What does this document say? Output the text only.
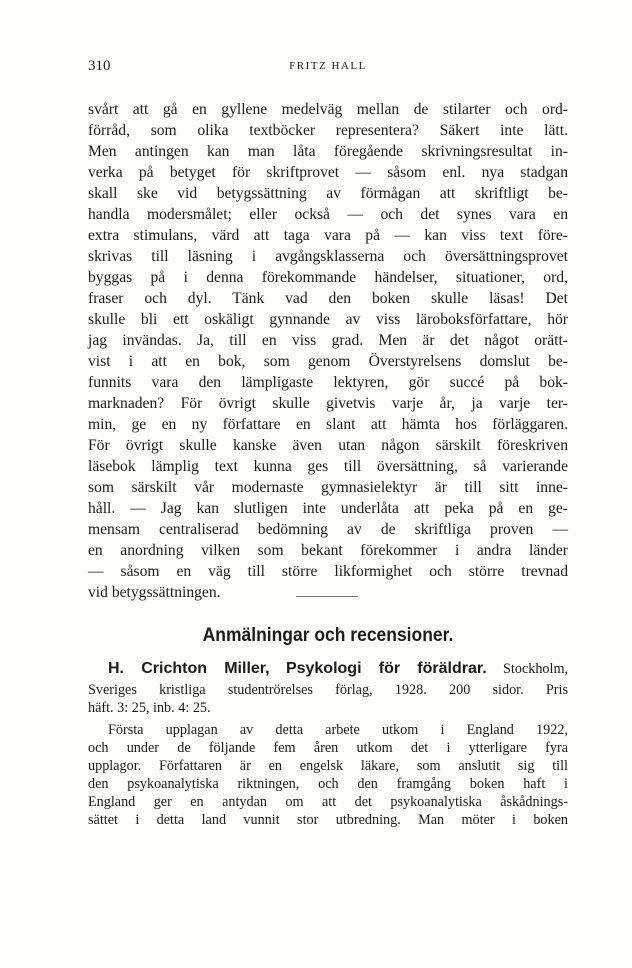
310	FRITZ HALL
svårt att gå en gyllene medelväg mellan de stilarter och ord-
förråd, som olika textböcker representera? Säkert inte lätt.
Men antingen kan man låta föregående skrivningsresultat in-
verka på betyget för skriftprovet — såsom enl. nya stadgan
skall ske vid betygssättning av förmågan att skriftligt be-
handla modersmålet; eller också — och det synes vara en
extra stimulans, värd att taga vara på — kan viss text före-
skrivas till läsning i avgångsklasserna och översättningsprovet
byggas på i denna förekommande händelser, situationer, ord,
fraser och dyl. Tänk vad den boken skulle läsas! Det
skulle bli ett oskäligt gynnande av viss läroboksförfattare, hör
jag invändas. Ja, till en viss grad. Men är det något orätt-
vist i att en bok, som genom Överstyrelsens domslut be-
funnits vara den lämpligaste lektyren, gör succé på bok-
marknaden? För övrigt skulle givetvis varje år, ja varje ter-
min, ge en ny författare en slant att hämta hos förläggaren.
För övrigt skulle kanske även utan någon särskilt föreskriven
läsebok lämplig text kunna ges till översättning, så varierande
som särskilt vår modernaste gymnasielektyr är till sitt inne-
håll. — Jag kan slutligen inte underlåta att peka på en ge-
mensam centraliserad bedömning av de skriftliga proven —
en anordning vilken som bekant förekommer i andra länder
— såsom en väg till större likformighet och större trevnad
vid betygssättningen.
Anmälningar och recensioner.
H. Crichton Miller, Psykologi för föräldrar. Stockholm,
Sveriges kristliga studentrörelses förlag, 1928. 200 sidor. Pris
häft. 3: 25, inb. 4: 25.
Första upplagan av detta arbete utkom i England 1922,
och under de följande fem åren utkom det i ytterligare fyra
upplagor. Författaren är en engelsk läkare, som anslutit sig till
den psykoanalytiska riktningen, och den framgång boken haft i
England ger en antydan om att det psykoanalytiska åskådnings-
sättet i detta land vunnit stor utbredning. Man möter i boken
